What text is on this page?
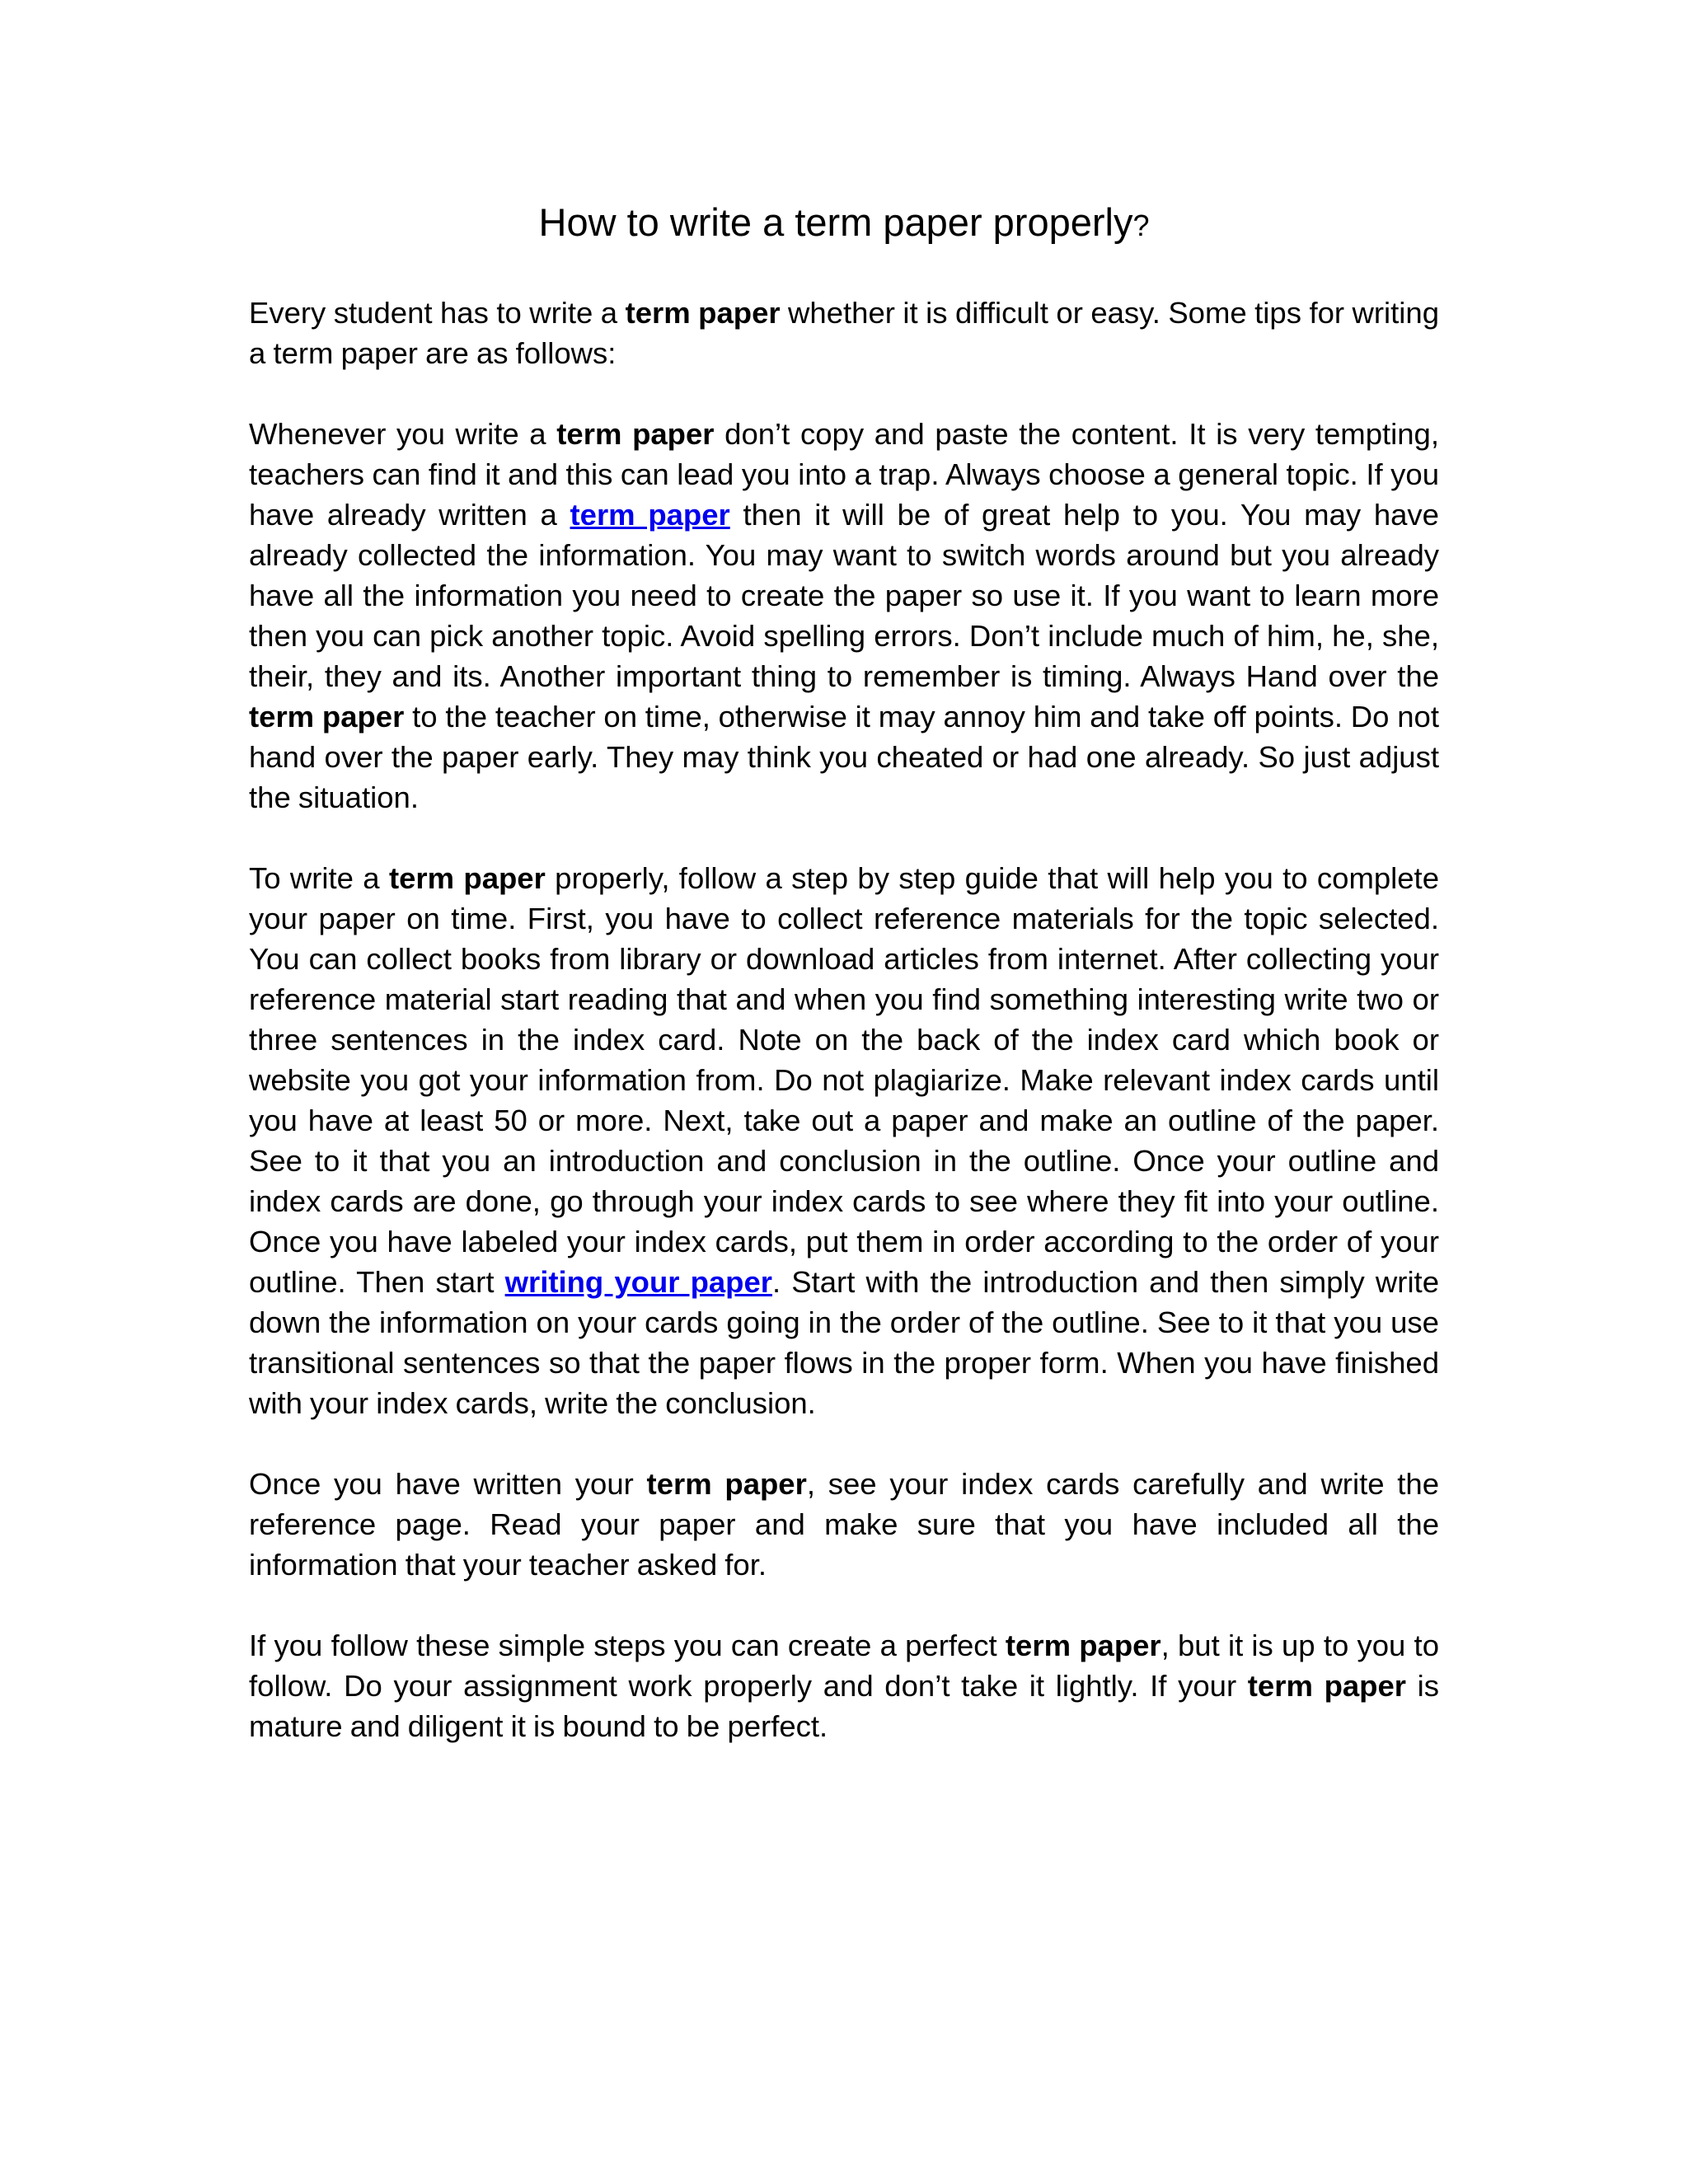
How to write a term paper properly?

Every student has to write a term paper whether it is difficult or easy. Some tips for writing a term paper are as follows:

Whenever you write a term paper don’t copy and paste the content. It is very tempting, teachers can find it and this can lead you into a trap. Always choose a general topic. If you have already written a term paper then it will be of great help to you. You may have already collected the information. You may want to switch words around but you already have all the information you need to create the paper so use it. If you want to learn more then you can pick another topic. Avoid spelling errors. Don’t include much of him, he, she, their, they and its. Another important thing to remember is timing. Always Hand over the term paper to the teacher on time, otherwise it may annoy him and take off points. Do not hand over the paper early. They may think you cheated or had one already. So just adjust the situation.

To write a term paper properly, follow a step by step guide that will help you to complete your paper on time. First, you have to collect reference materials for the topic selected. You can collect books from library or download articles from internet. After collecting your reference material start reading that and when you find something interesting write two or three sentences in the index card. Note on the back of the index card which book or website you got your information from. Do not plagiarize. Make relevant index cards until you have at least 50 or more. Next, take out a paper and make an outline of the paper. See to it that you an introduction and conclusion in the outline. Once your outline and index cards are done, go through your index cards to see where they fit into your outline. Once you have labeled your index cards, put them in order according to the order of your outline. Then start writing your paper. Start with the introduction and then simply write down the information on your cards going in the order of the outline. See to it that you use transitional sentences so that the paper flows in the proper form. When you have finished with your index cards, write the conclusion.

Once you have written your term paper, see your index cards carefully and write the reference page. Read your paper and make sure that you have included all the information that your teacher asked for.

If you follow these simple steps you can create a perfect term paper, but it is up to you to follow. Do your assignment work properly and don’t take it lightly. If your term paper is mature and diligent it is bound to be perfect.
